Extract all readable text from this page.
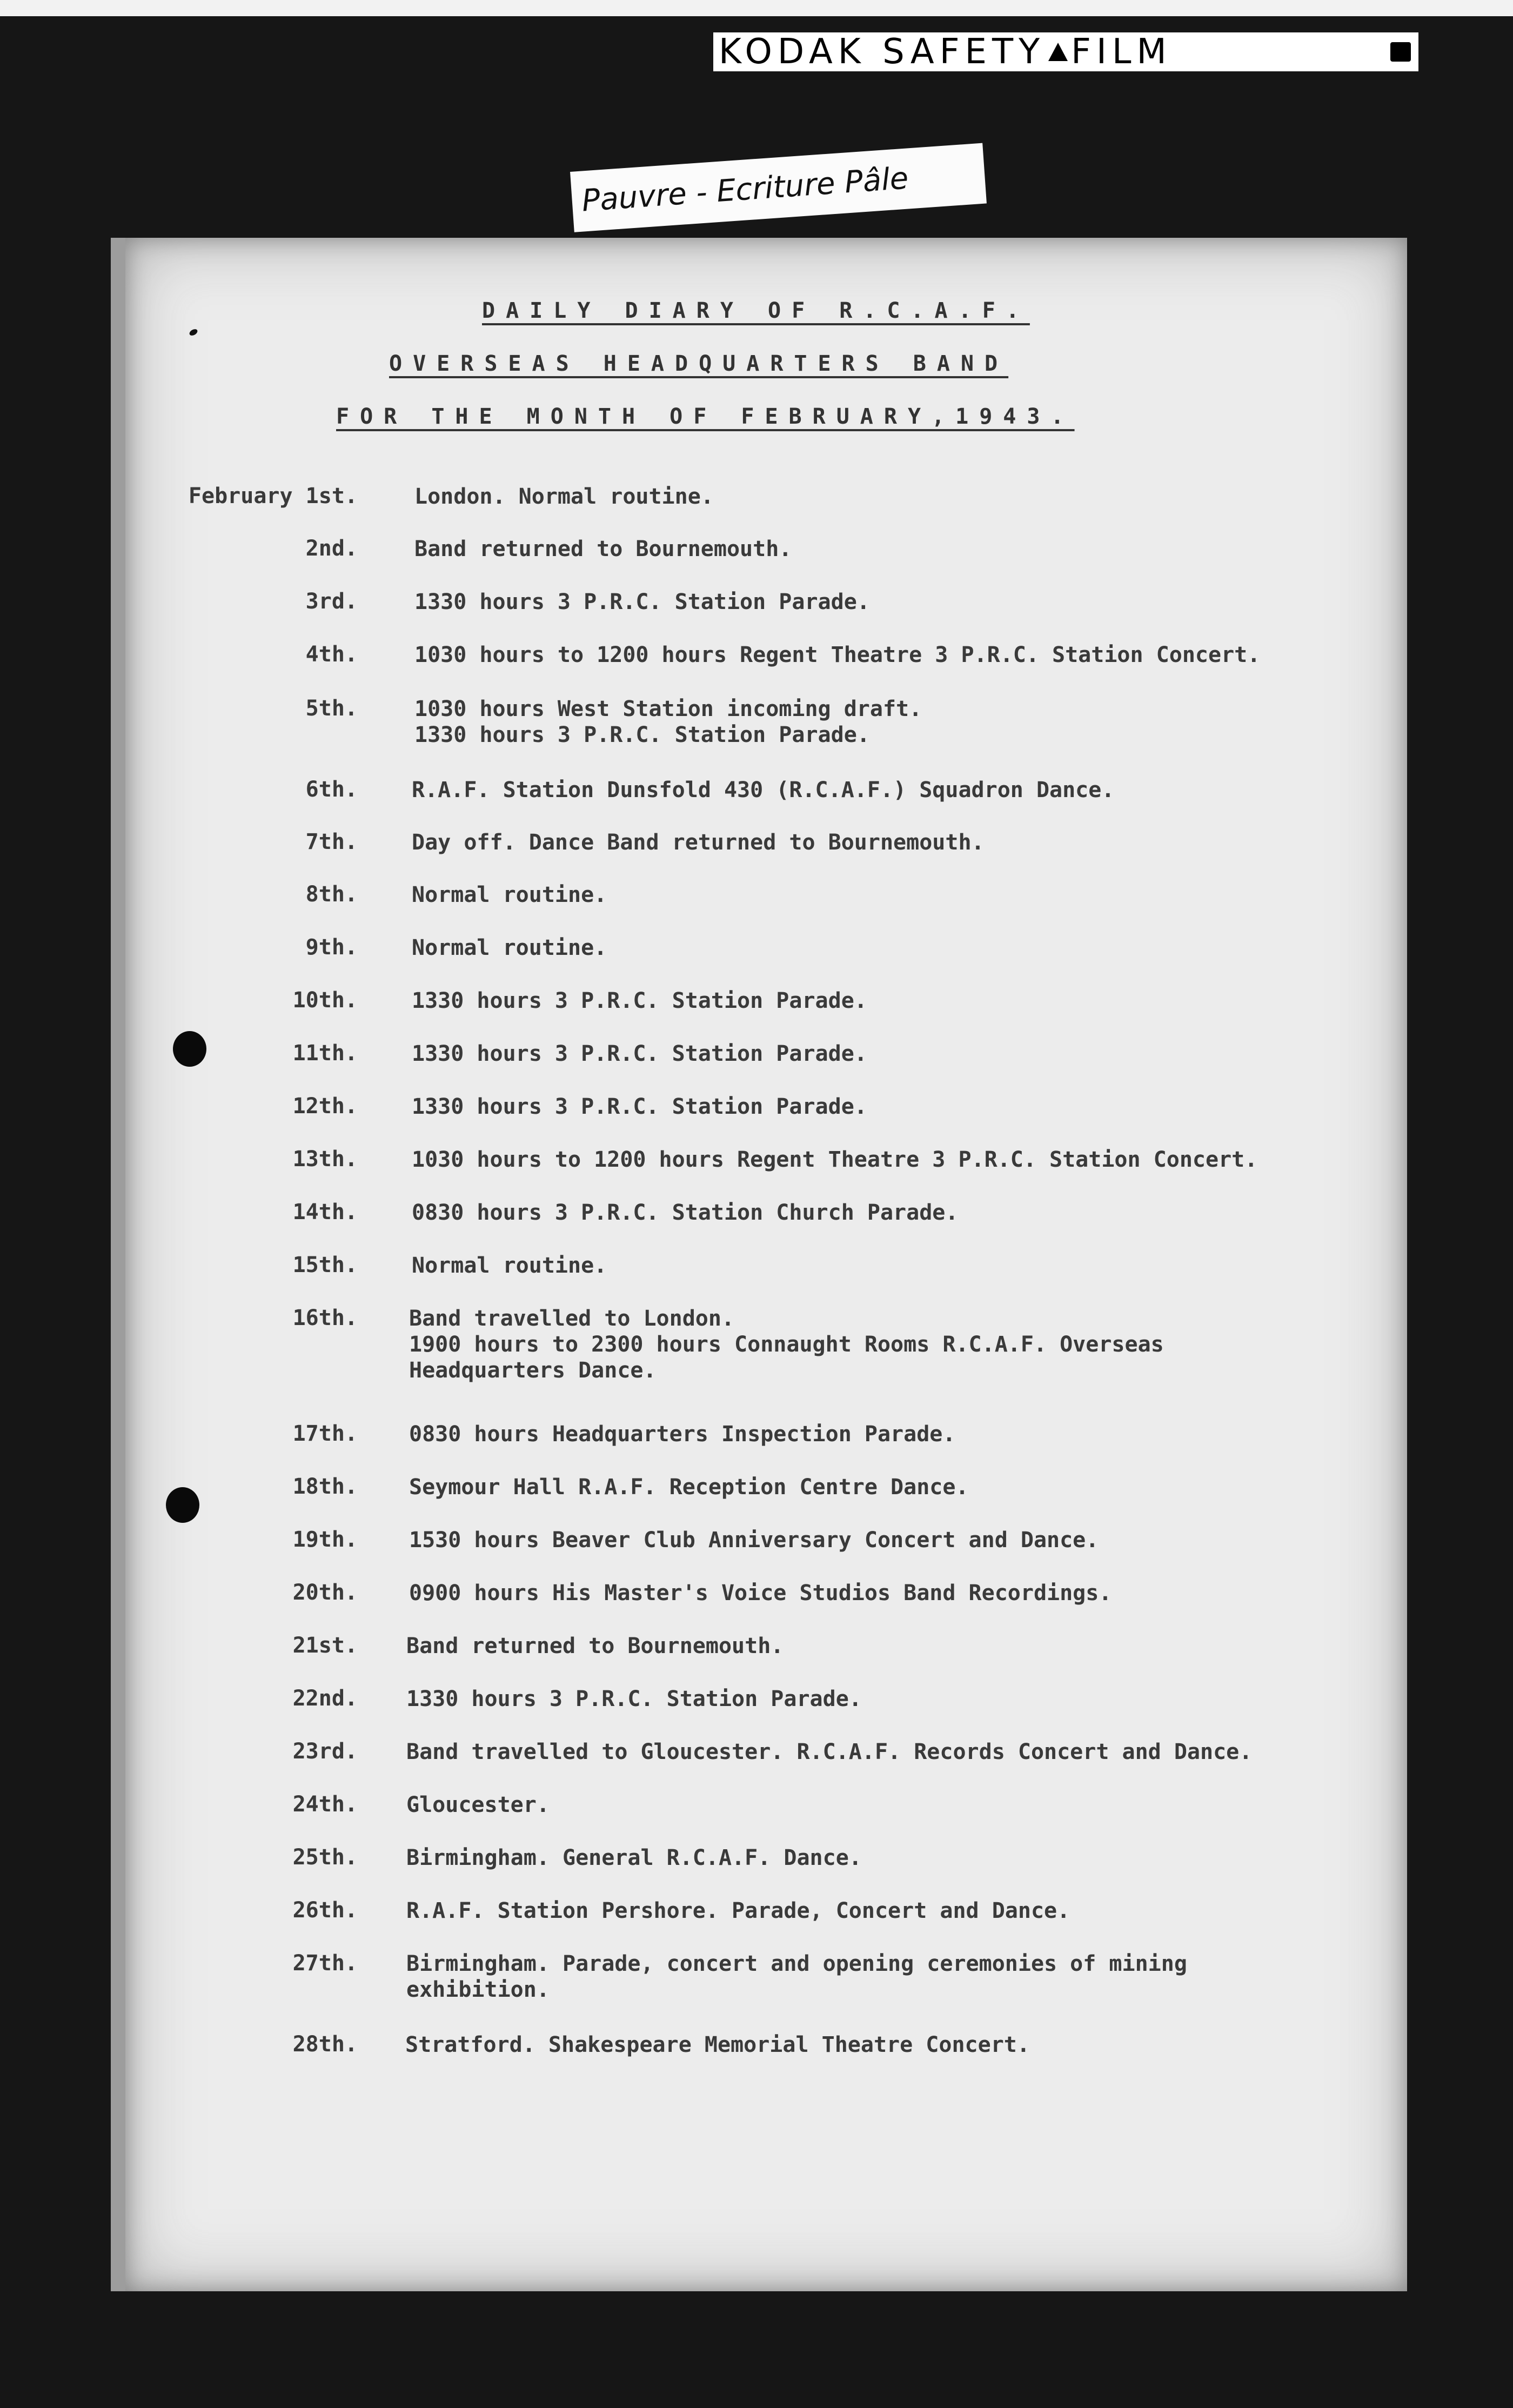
KODAK SAFETY FILM
DAILY DIARY OF R.C.A.F.
OVERSEAS HEADQUARTERS BAND
FOR THE MONTH OF FEBRUARY,1943.
February 1st.	London. Normal routine.
2nd.	Band returned to Bournemouth.
3rd.	1330 hours 3 P.R.C. Station Parade.
4th.	1030 hours to 1200 hours Regent Theatre 3 P.R.C. Station Concert.
5th.	1030 hours West Station incoming draft.
1330 hours 3 P.R.C. Station Parade.
6th.	R.A.F. Station Dunsfold 430 (R.C.A.F.) Squadron Dance.
7th.	Day off. Dance Band returned to Bournemouth.
8th.	Normal routine.
9th.	Normal routine.
10th.	1330 hours 3 P.R.C. Station Parade.
11th.	1330 hours 3 P.R.C. Station Parade.
12th.	1330 hours 3 P.R.C. Station Parade.
13th.	1030 hours to 1200 hours Regent Theatre 3 P.R.C. Station Concert.
14th.	0830 hours 3 P.R.C. Station Church Parade.
15th.	Normal routine.
16th. Band travelled to London.
1900 hours to 2300 hours Connaught Rooms R.C.A.F. Overseas
Headquarters Dance.
17th. 0830 hours Headquarters Inspection Parade.
18th. Seymour Hall R.A.F. Reception Centre Dance.
19th. 1530 hours Beaver Club Anniversary Concert and Dance.
20th. 0900 hours His Master's Voice Studios Band Recordings.
21st. Band returned to Bournemouth.
22nd. 1330 hours 3 P.R.C. Station Parade.
23rd. Band travelled to Gloucester. R.C.A.F. Records Concert and Dance.
24th. Gloucester.
25th. Birmingham. General R.C.A.F. Dance.
26th. R.A.F. Station Pershore. Parade, Concert and Dance.
27th. Birmingham. Parade, concert and opening ceremonies of mining
exhibition.
28th. Stratford. Shakespeare Memorial Theatre Concert.
Pauvre - Ecriture Pâle
